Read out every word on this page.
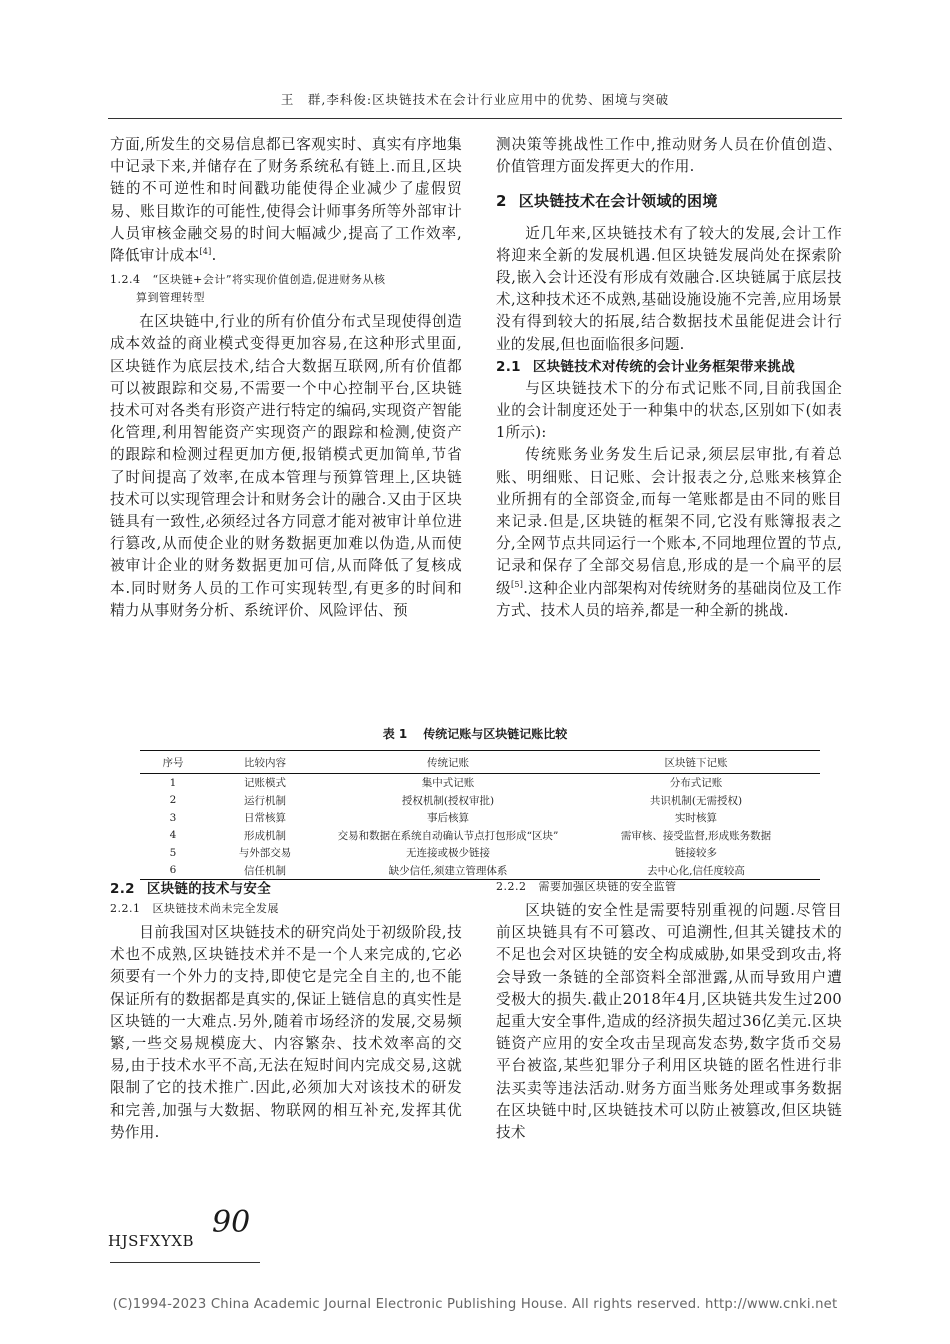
王　群,李科俊:区块链技术在会计行业应用中的优势、困境与突破

方面,所发生的交易信息都已客观实时、真实有序地集中记录下来,并储存在了财务系统私有链上.而且,区块链的不可逆性和时间戳功能使得企业减少了虚假贸易、账目欺诈的可能性,使得会计师事务所等外部审计人员审核金融交易的时间大幅减少,提高了工作效率,降低审计成本[4].

1.2.4 “区块链+会计”将实现价值创造,促进财务从核
算到管理转型

在区块链中,行业的所有价值分布式呈现使得创造成本效益的商业模式变得更加容易,在这种形式里面,区块链作为底层技术,结合大数据互联网,所有价值都可以被跟踪和交易,不需要一个中心控制平台,区块链技术可对各类有形资产进行特定的编码,实现资产智能化管理,利用智能资产实现资产的跟踪和检测,使资产的跟踪和检测过程更加方便,报销模式更加简单,节省了时间提高了效率,在成本管理与预算管理上,区块链技术可以实现管理会计和财务会计的融合.又由于区块链具有一致性,必须经过各方同意才能对被审计单位进行篡改,从而使企业的财务数据更加难以伪造,从而使被审计企业的财务数据更加可信,从而降低了复核成本.同时财务人员的工作可实现转型,有更多的时间和精力从事财务分析、系统评价、风险评估、预

测决策等挑战性工作中,推动财务人员在价值创造、价值管理方面发挥更大的作用.

2 区块链技术在会计领域的困境

近几年来,区块链技术有了较大的发展,会计工作将迎来全新的发展机遇.但区块链发展尚处在探索阶段,嵌入会计还没有形成有效融合.区块链属于底层技术,这种技术还不成熟,基础设施设施不完善,应用场景没有得到较大的拓展,结合数据技术虽能促进会计行业的发展,但也面临很多问题.

2.1 区块链技术对传统的会计业务框架带来挑战

与区块链技术下的分布式记账不同,目前我国企业的会计制度还处于一种集中的状态,区别如下(如表1所示):

传统账务业务发生后记录,须层层审批,有着总账、明细账、日记账、会计报表之分,总账来核算企业所拥有的全部资金,而每一笔账都是由不同的账目来记录.但是,区块链的框架不同,它没有账簿报表之分,全网节点共同运行一个账本,不同地理位置的节点,记录和保存了全部交易信息,形成的是一个扁平的层级[5].这种企业内部架构对传统财务的基础岗位及工作方式、技术人员的培养,都是一种全新的挑战.

表 1 传统记账与区块链记账比较
序号	比较内容	传统记账	区块链下记账
1	记账模式	集中式记账	分布式记账
2	运行机制	授权机制(授权审批)	共识机制(无需授权)
3	日常核算	事后核算	实时核算
4	形成机制	交易和数据在系统自动确认节点打包形成“区块”	需审核、接受监督,形成账务数据
5	与外部交易	无连接或极少链接	链接较多
6	信任机制	缺少信任,须建立管理体系	去中心化,信任度较高
2.2 区块链的技术与安全
2.2.1 区块链技术尚未完全发展

目前我国对区块链技术的研究尚处于初级阶段,技术也不成熟,区块链技术并不是一个人来完成的,它必须要有一个外力的支持,即使它是完全自主的,也不能保证所有的数据都是真实的,保证上链信息的真实性是区块链的一大难点.另外,随着市场经济的发展,交易频繁,一些交易规模庞大、内容繁杂、技术效率高的交易,由于技术水平不高,无法在短时间内完成交易,这就限制了它的技术推广.因此,必须加大对该技术的研发和完善,加强与大数据、物联网的相互补充,发挥其优势作用.

2.2.2 需要加强区块链的安全监管

区块链的安全性是需要特别重视的问题.尽管目前区块链具有不可篡改、可追溯性,但其关键技术的不足也会对区块链的安全构成威胁,如果受到攻击,将会导致一条链的全部资料全部泄露,从而导致用户遭受极大的损失.截止2018年4月,区块链共发生过200起重大安全事件,造成的经济损失超过36亿美元.区块链资产应用的安全攻击呈现高发态势,数字货币交易平台被盗,某些犯罪分子利用区块链的匿名性进行非法买卖等违法活动.财务方面当账务处理或事务数据在区块链中时,区块链技术可以防止被篡改,但区块链技术

90
HJSFXYXB
(C)1994-2023 China Academic Journal Electronic Publishing House. All rights reserved. http://www.cnki.net
